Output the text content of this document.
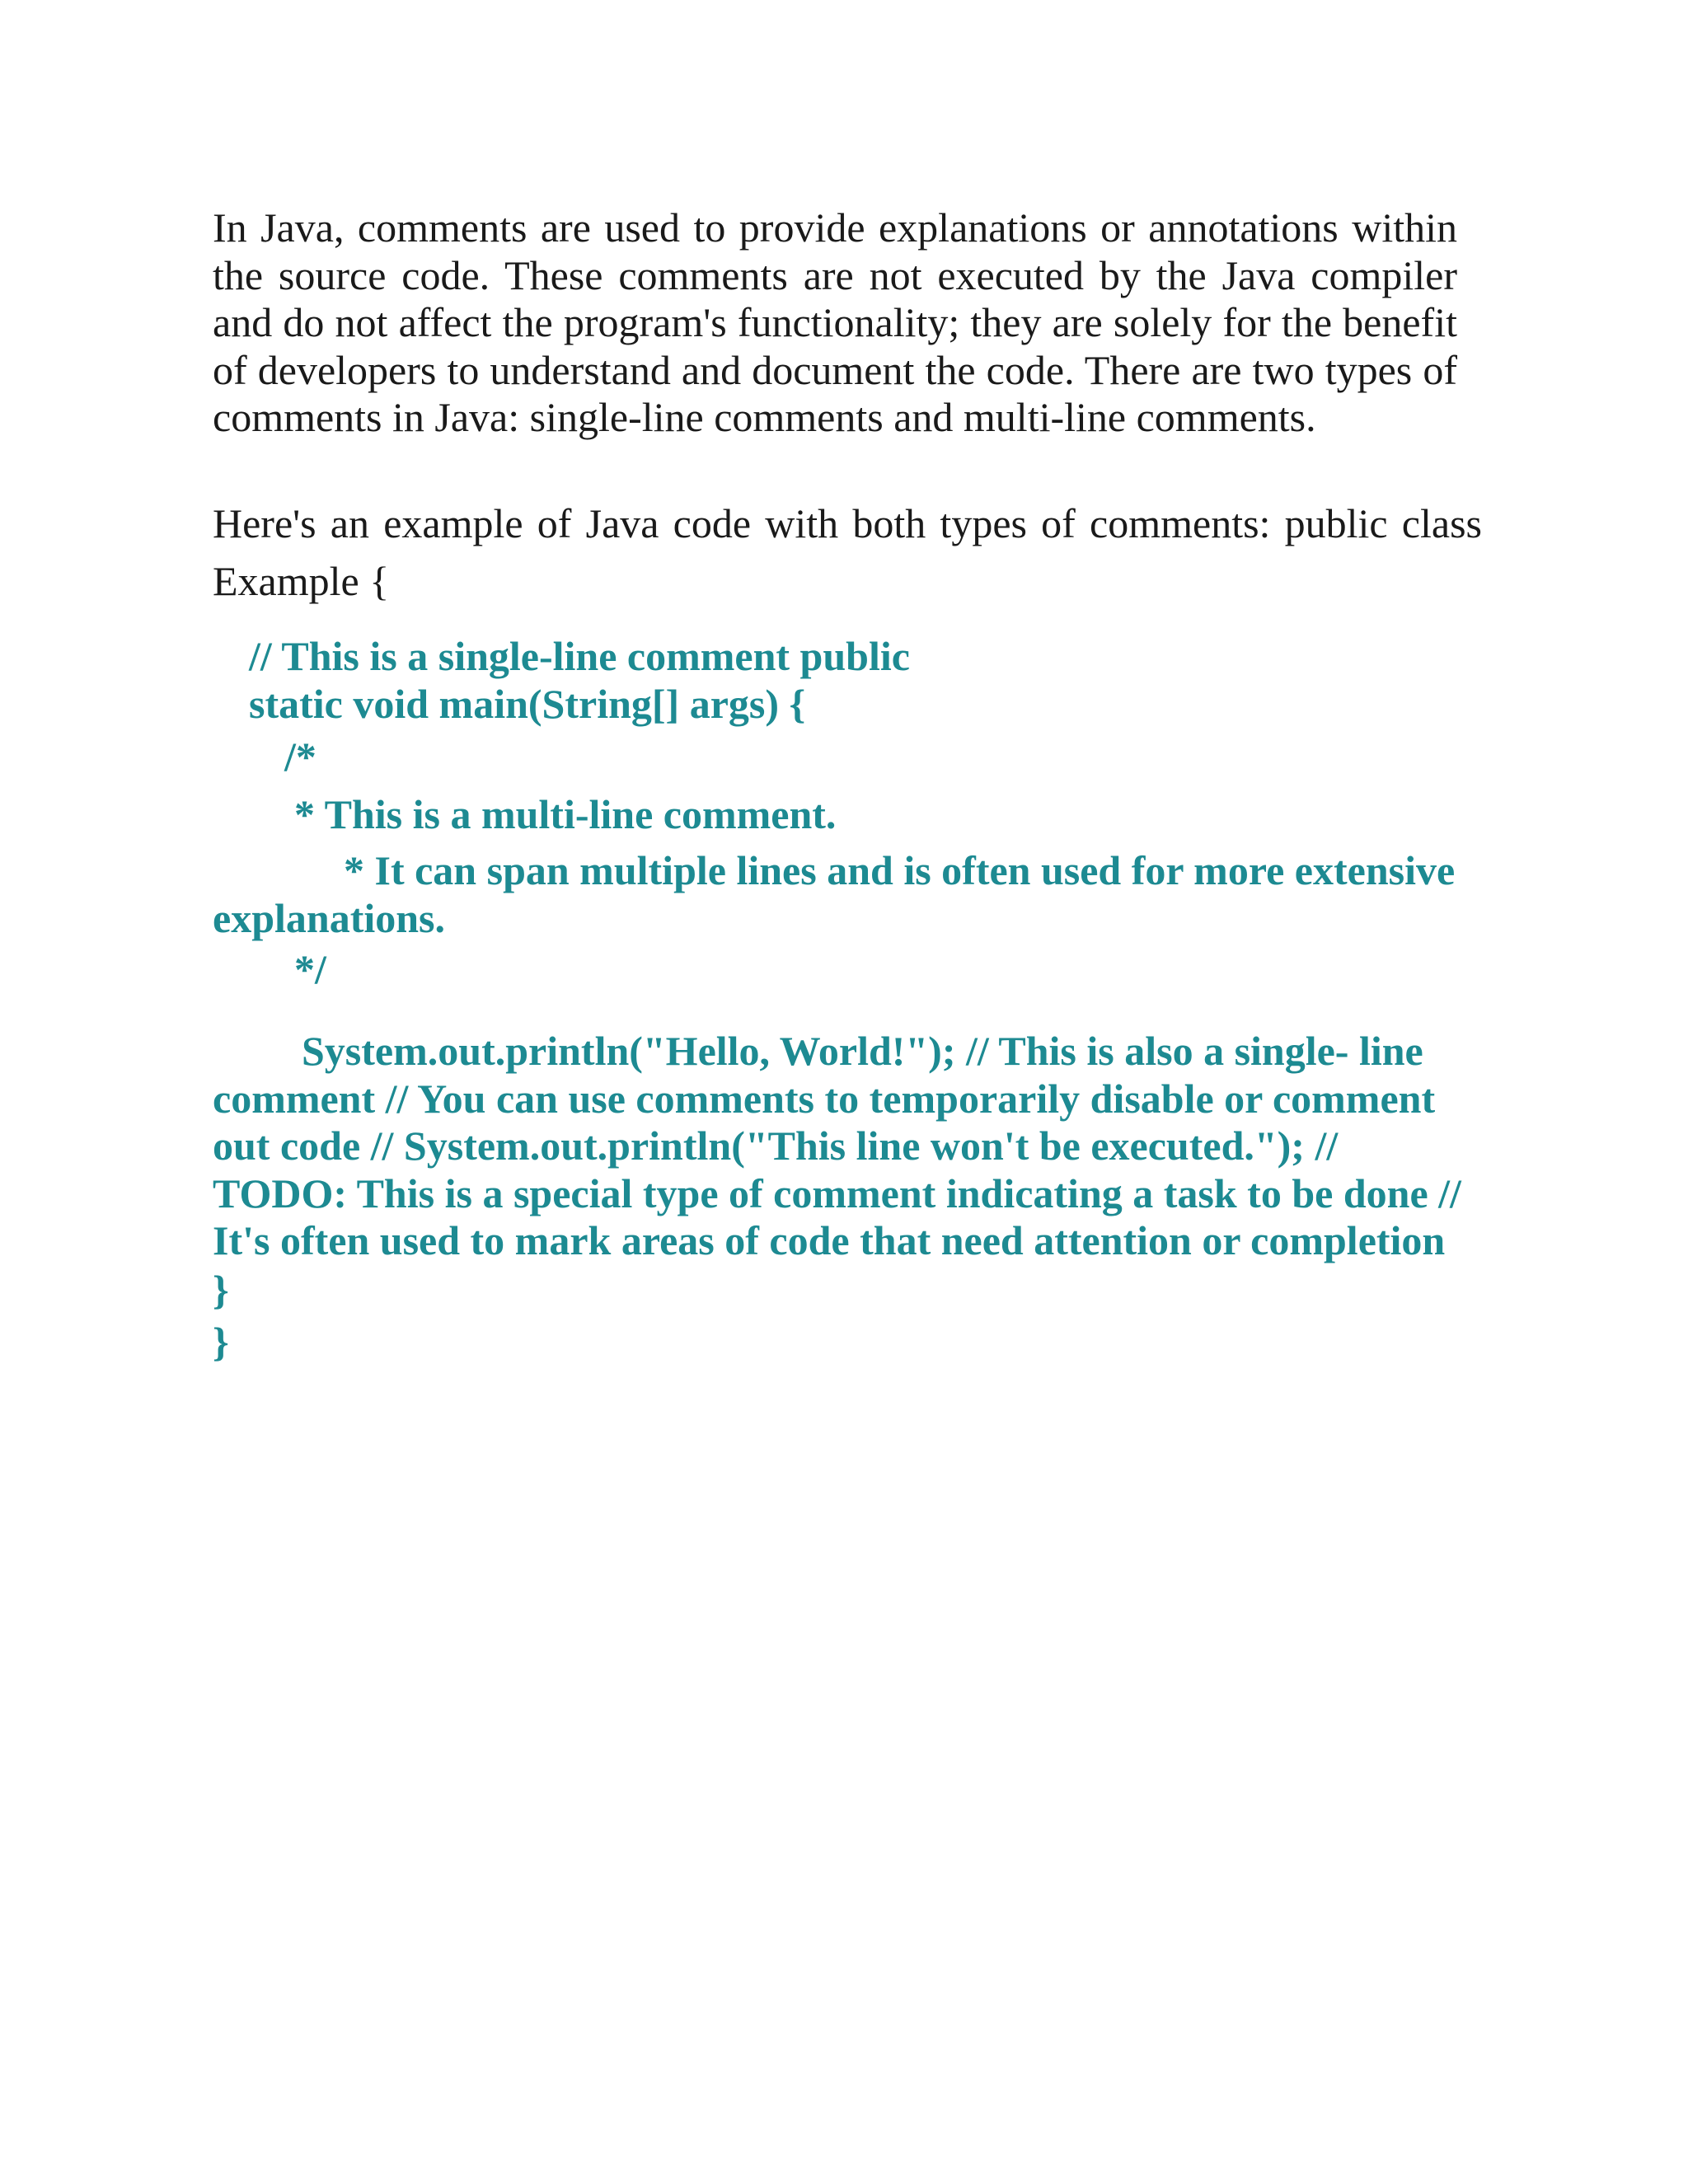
In Java, comments are used to provide explanations or annotations within the source code. These comments are not executed by the Java compiler and do not affect the program's functionality; they are solely for the benefit of developers to understand and document the code. There are two types of comments in Java: single-line comments and multi-line comments.

Here's an example of Java code with both types of comments: public class Example {

// This is a single-line comment public

static void main(String[] args) {

/*

* This is a multi-line comment.

* It can span multiple lines and is often used for more extensive

explanations.

*/

System.out.println("Hello, World!"); // This is also a single- line comment // You can use comments to temporarily disable or comment out code // System.out.println("This line won't be executed."); // TODO: This is a special type of comment indicating a task to be done // It's often used to mark areas of code that need attention or completion

}

}
